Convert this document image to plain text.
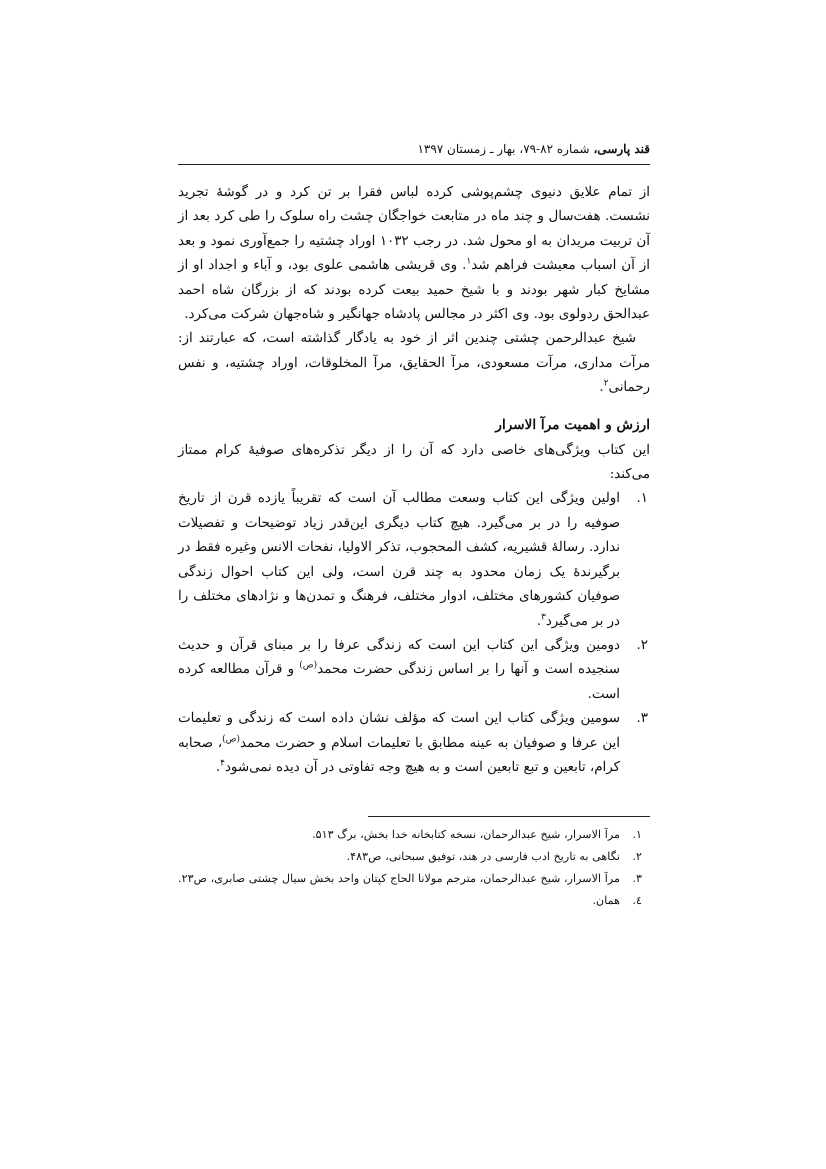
قند پارسی، شماره ۸۲-۷۹، بهار ـ زمستان ۱۳۹۷

از تمام علایق دنیوی چشم‌پوشی کرده لباس فقرا بر تن کرد و در گوشهٔ تجرید نشست. هفت‌سال و چند ماه در متابعت خواجگان چشت راه سلوک را طی کرد بعد از آن تربیت مریدان به او محول شد. در رجب ۱۰۳۲ اوراد چشتیه را جمع‌آوری نمود و بعد از آن اسباب معیشت فراهم شد$^۱$. وی قریشی هاشمی علوی بود، و آباء و اجداد او از مشایخ کبار شهر بودند و با شیخ حمید بیعت کرده بودند که از بزرگان شاه احمد عبدالحق ردولوی بود. وی اکثر در مجالس پادشاه جهانگیر و شاه‌جهان شرکت می‌کرد.

شیخ عبدالرحمن چشتی چندین اثر از خود به یادگار گذاشته است، که عبارتند از: مرآت مداری، مرآت مسعودی، مرآ الحقایق، مرآ المخلوقات، اوراد چشتیه، و نفس رحمانی$^۲$.

ارزش و اهمیت مرآ الاسرار

این کتاب ویژگی‌های خاصی دارد که آن را از دیگر تذکره‌های صوفیهٔ کرام ممتاز می‌کند:

۱.
اولین ویژگی این کتاب وسعت مطالب آن است که تقریباً یازده قرن از تاریخ صوفیه را در بر می‌گیرد. هیچ کتاب دیگری این‌قدر زیاد توضیحات و تفصیلات ندارد. رسالهٔ قشیریه، کشف المحجوب، تذکر الاولیا، نفحات الانس وغیره فقط در برگیرندهٔ یک زمان محدود به چند قرن است، ولی این کتاب احوال زندگی صوفیان کشورهای مختلف، ادوار مختلف، فرهنگ و تمدن‌ها و نژادهای مختلف را در بر می‌گیرد$^۳$.
۲.
دومین ویژگی این کتاب این است که زندگی عرفا را بر مبنای قرآن و حدیث سنجیده است و آنها را بر اساس زندگی حضرت محمد$^{(ص)}$ و قرآن مطالعه کرده است.
۳.
سومین ویژگی کتاب این است که مؤلف نشان داده است که زندگی و تعلیمات این عرفا و صوفیان به عینه مطابق با تعلیمات اسلام و حضرت محمد$^{(ص)}$، صحابه کرام، تابعین و تبع تابعین است و به هیچ وجه تفاوتی در آن دیده نمی‌شود$^۴$.
۱.
مرآ الاسرار، شیخ عبدالرحمان، نسخه کتابخانه خدا بخش، برگ ۵۱۳.
۲.
نگاهی به تاریخ ادب فارسی در هند، توفیق سبحانی، ص۴۸۳.
۳.
مرآ الاسرار، شیخ عبدالرحمان، مترجم مولانا الحاج کپتان واحد بخش سیال چشتی صابری، ص۲۳.
٤.
همان.
